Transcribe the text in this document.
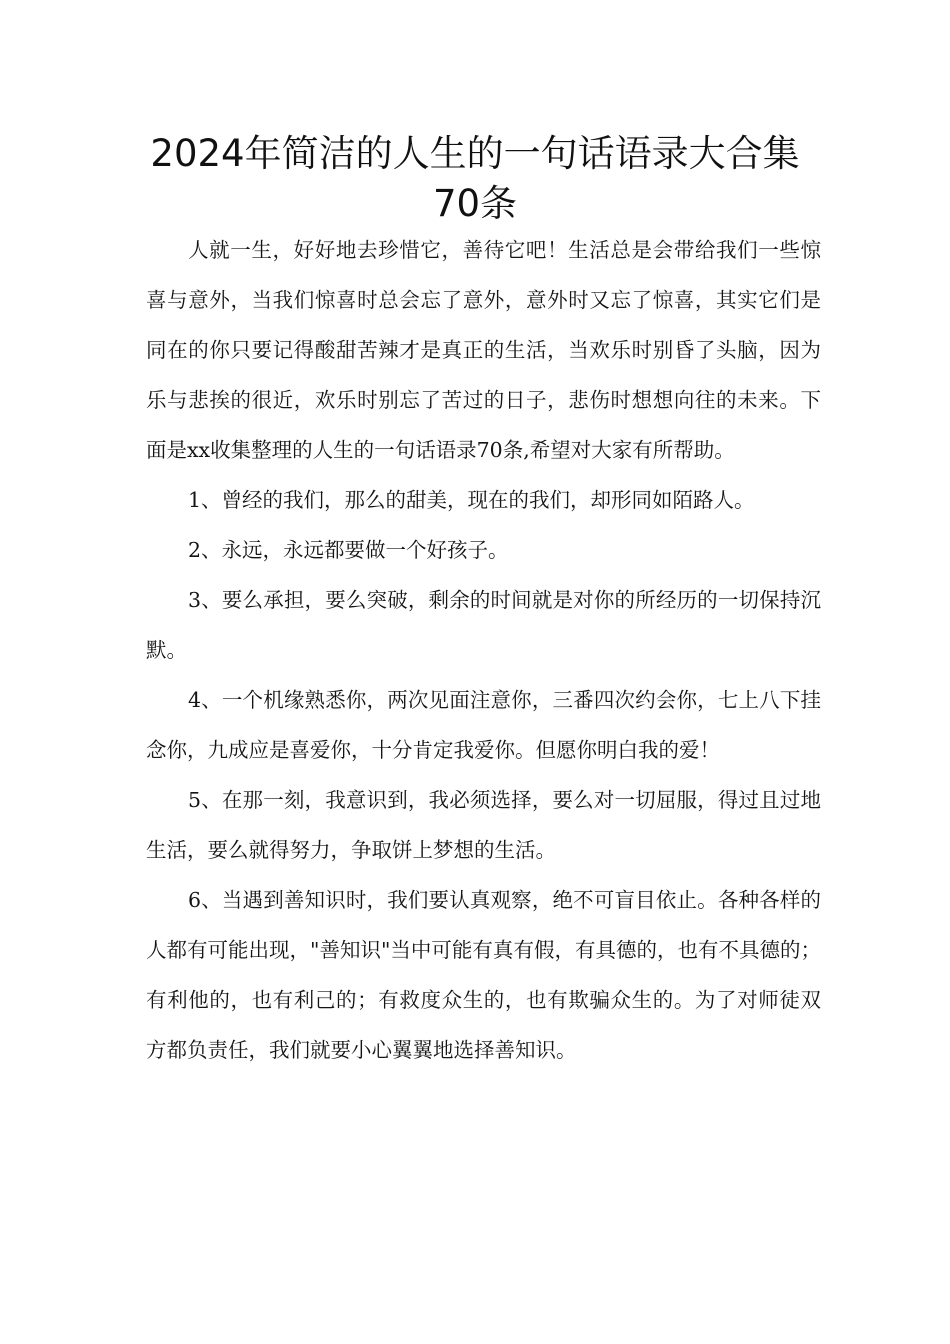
2024年简洁的人生的一句话语录大合集
70条

人就一生，好好地去珍惜它，善待它吧！生活总是会带给我们一些惊喜与意外，当我们惊喜时总会忘了意外，意外时又忘了惊喜，其实它们是同在的你只要记得酸甜苦辣才是真正的生活，当欢乐时别昏了头脑，因为乐与悲挨的很近，欢乐时别忘了苦过的日子，悲伤时想想向往的未来。下面是xx收集整理的人生的一句话语录70条,希望对大家有所帮助。

1、曾经的我们，那么的甜美，现在的我们，却形同如陌路人。

2、永远，永远都要做一个好孩子。

3、要么承担，要么突破，剩余的时间就是对你的所经历的一切保持沉默。

4、一个机缘熟悉你，两次见面注意你，三番四次约会你，七上八下挂念你，九成应是喜爱你，十分肯定我爱你。但愿你明白我的爱！

5、在那一刻，我意识到，我必须选择，要么对一切屈服，得过且过地生活，要么就得努力，争取饼上梦想的生活。

6、当遇到善知识时，我们要认真观察，绝不可盲目依止。各种各样的人都有可能出现，"善知识"当中可能有真有假，有具德的，也有不具德的；有利他的，也有利己的；有救度众生的，也有欺骗众生的。为了对师徒双方都负责任，我们就要小心翼翼地选择善知识。
